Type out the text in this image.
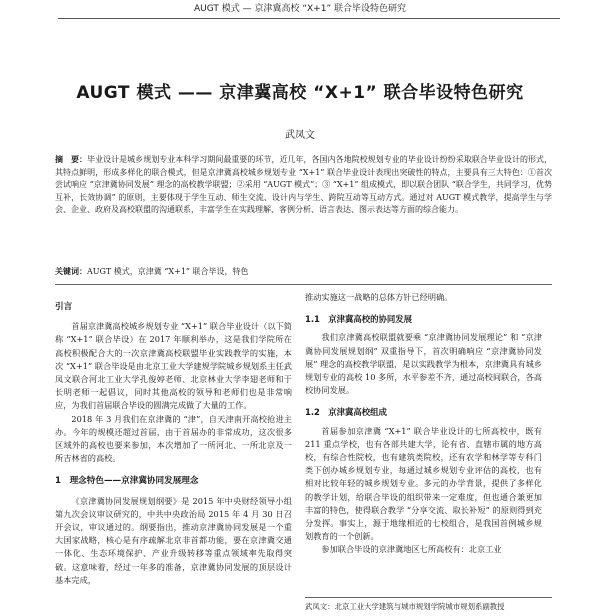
AUGT 模式 — 京津冀高校 “X+1” 联合毕设特色研究
AUGT 模式 —— 京津冀高校 “X+1” 联合毕设特色研究
武凤文
摘　要：毕业设计是城乡规划专业本科学习期间最重要的环节，近几年，各国内各地院校规划专业的毕业设计纷纷采取联合毕业设计的形式，其特点鲜明，形成多样化的联合模式，但是京津冀高校城乡规划专业 “X+1” 联合毕业设计表现出突破性的特点，主要具有三大特色：①首次尝试响应 “京津冀协同发展” 理念的高校教学联盟；②采用 “AUGT 模式”；③ “X+1” 组成模式，即以联合团队 “联合学生，共同学习，优势互补，长效协调” 的原则，主要体现于学生互动、师生交流、设计内与学生、跨院互动等互动方式。通过对 AUGT 模式教学，提高学生与学会、企业、政府及高校联盟的沟通联系，丰富学生在实践理解、客例分析、语言表达、图示表达等方面的综合能力。
关键词：AUGT 模式，京津冀 “X+1” 联合毕设，特色
引言

首届京津冀高校城乡规划专业 “X+1” 联合毕业设计（以下简称 “X+1” 联合毕设）在 2017 年顺利举办，这是我们学院所在高校积极配合大的一次京津冀高校联盟毕业实践教学的实施，本次 “X+1” 联合毕设是由北京工业大学建规学院城乡规划系主任武凤文联合河北工业大学孔俊婷老师、北京林业大学李翅老师和于长明老师一起倡议，同时其他高校的领导和老师们也是非常响应，为我们首届联合毕设的圆满完成做了大量的工作。

2018 年 3 月我们在京津冀的 “津”，自天津南开高校抢进主办。今年的规模还超过首届，由于首届办的非常成功，这次很多区域外的高校也要来参加，本次增加了一所河北、一所北京及一所吉林省的高校。

1　理念特色——京津冀协同发展理念

《京津冀协同发展规划纲要》是 2015 年中央财经领导小组第九次会议审议研究的，中共中央政治局 2015 年 4 月 30 日召开会议，审议通过的。纲要指出，推动京津冀协同发展是一个重大国家战略，核心是有序疏解北京非首都功能，要在京津冀交通一体化、生态环境保护、产业升级转移等重点领域率先取得突破。这意味着，经过一年多的准备，京津冀协同发展的顶层设计基本完成，

推动实施这一战略的总体方针已经明确。

1.1　京津冀高校的协同发展

我们京津冀高校联盟就要乘 “京津冀协同发展理论” 和 “京津冀协同发展规划纲” 双重指导下，首次明确响应 “京津冀协同发展” 理念的高校教学联盟，是以实践教学为根本，京津冀具有城乡规划专业的高校 10 多所，水平参差不齐，通过高校间联合，各高校协同发展。

1.2　京津冀高校组成

首届参加京津冀 “X+1” 联合毕业设计的七所高校中，既有 211 重点学校，也有各部共建大学，论有省、直辖市属的地方高校，有综合性院校，也有建筑类院校，还有农学和林学等专科门类下创办城乡规划专业，每通过城乡规划专业评估的高校，也有相对比较年轻的城乡规划专业。多元的办学背景，提供了多样化的教学计划，给联合毕设的组织带来一定难度，但也通合兼更加丰富的特色，使得联合教学 “分享交流、取长补短” 的原则得到充分发挥。事实上，源于地缘相近的七校组合，是我国首例城乡规划教育的一个创新。

参加联合毕设的京津冀地区七所高校有：北京工业

武凤文：北京工业大学建筑与城市规划学院城市规划系副教授
